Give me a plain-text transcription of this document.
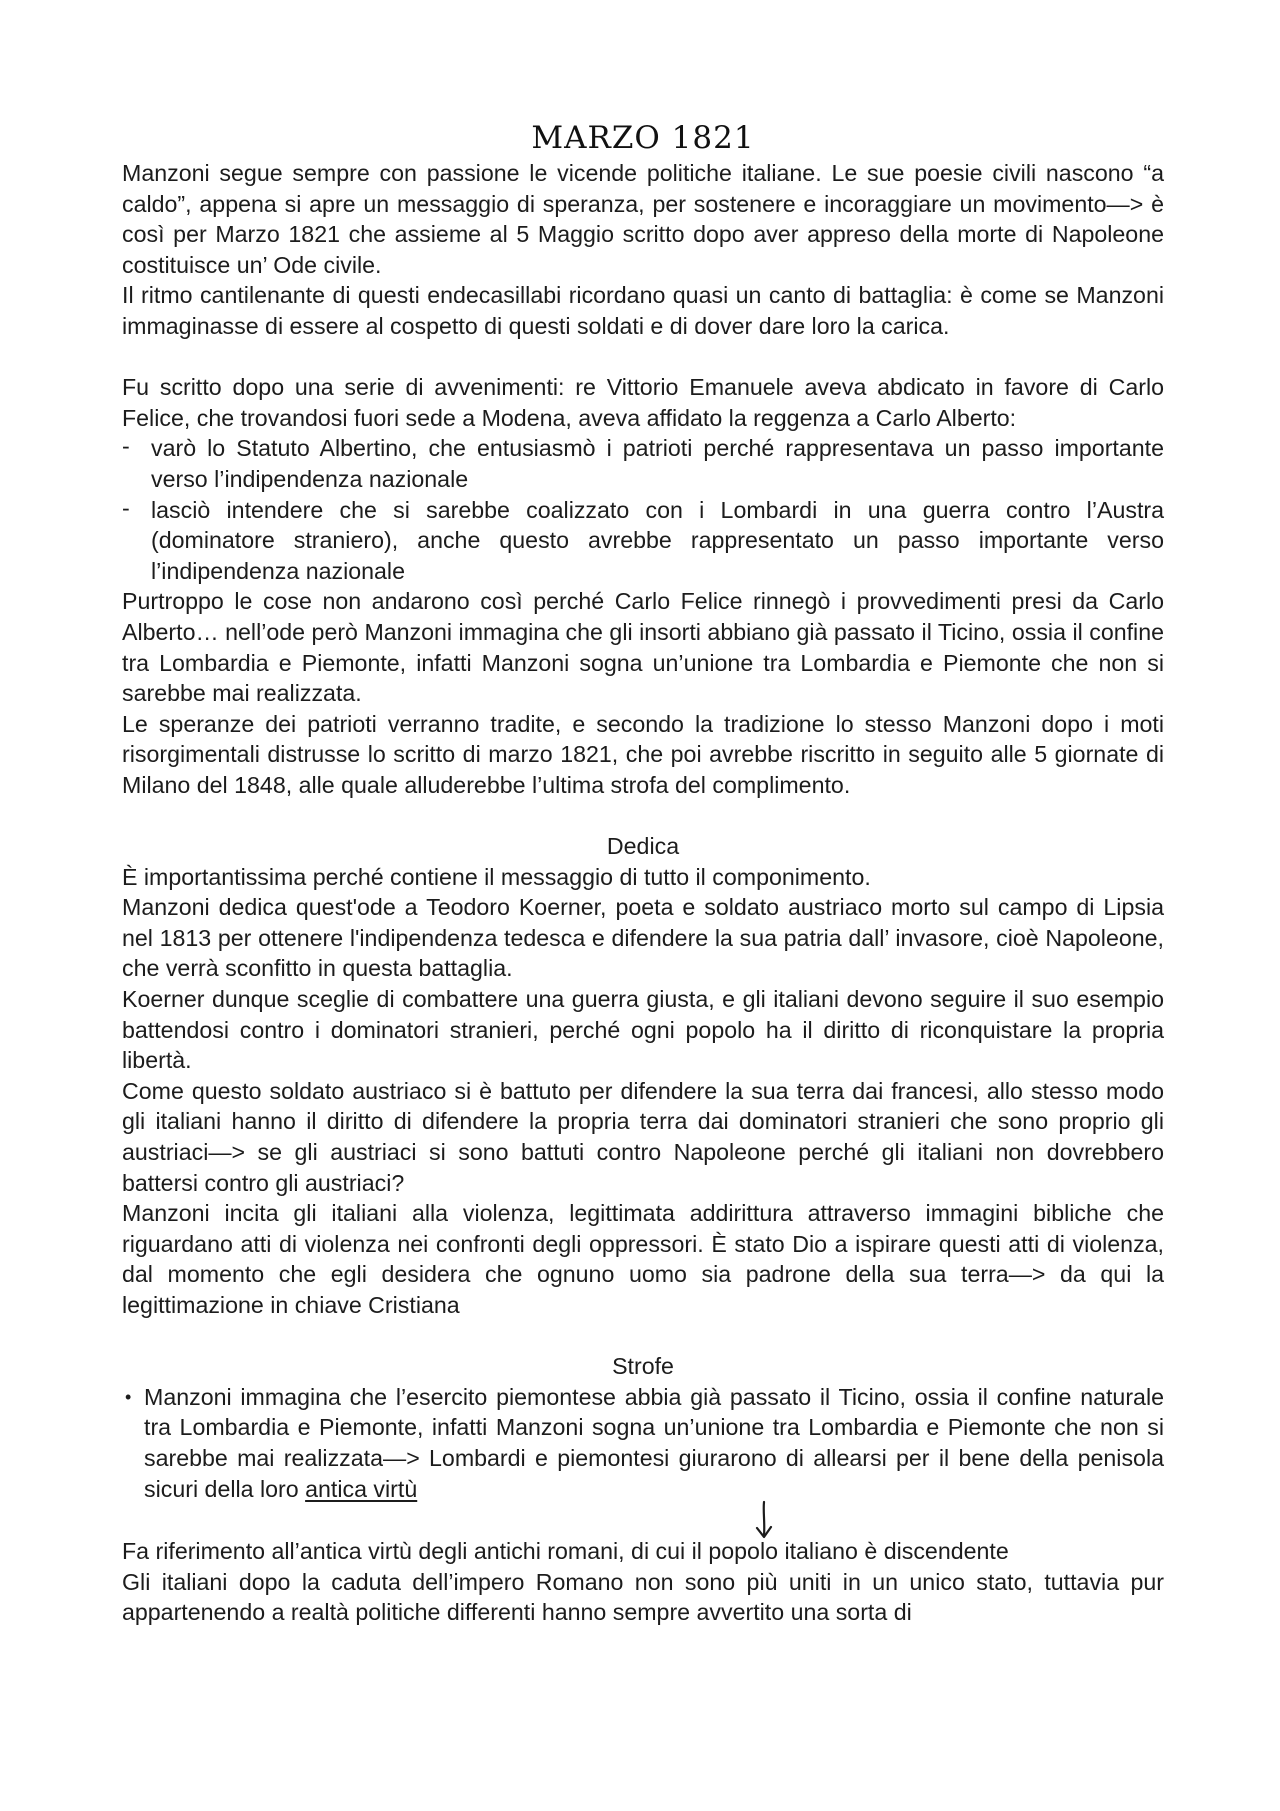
MARZO 1821

Manzoni segue sempre con passione le vicende politiche italiane. Le sue poesie civili nascono “a caldo”, appena si apre un messaggio di speranza, per sostenere e incoraggiare un movimento—> è così per Marzo 1821 che assieme al 5 Maggio scritto dopo aver appreso della morte di Napoleone costituisce un’ Ode civile.

Il ritmo cantilenante di questi endecasillabi ricordano quasi un canto di battaglia: è come se Manzoni immaginasse di essere al cospetto di questi soldati e di dover dare loro la carica.

Fu scritto dopo una serie di avvenimenti: re Vittorio Emanuele aveva abdicato in favore di Carlo Felice, che trovandosi fuori sede a Modena, aveva affidato la reggenza a Carlo Alberto:

- varò lo Statuto Albertino, che entusiasmò i patrioti perché rappresentava un passo importante verso l’indipendenza nazionale
- lasciò intendere che si sarebbe coalizzato con i Lombardi in una guerra contro l’Austra (dominatore straniero), anche questo avrebbe rappresentato un passo importante verso l’indipendenza nazionale

Purtroppo le cose non andarono così perché Carlo Felice rinnegò i provvedimenti presi da Carlo Alberto… nell’ode però Manzoni immagina che gli insorti abbiano già passato il Ticino, ossia il confine tra Lombardia e Piemonte, infatti Manzoni sogna un’unione tra Lombardia e Piemonte che non si sarebbe mai realizzata.

Le speranze dei patrioti verranno tradite, e secondo la tradizione lo stesso Manzoni dopo i moti risorgimentali distrusse lo scritto di marzo 1821, che poi avrebbe riscritto in seguito alle 5 giornate di Milano del 1848, alle quale alluderebbe l’ultima strofa del complimento.

Dedica

È importantissima perché contiene il messaggio di tutto il componimento.

Manzoni dedica quest'ode a Teodoro Koerner, poeta e soldato austriaco morto sul campo di Lipsia nel 1813 per ottenere l'indipendenza tedesca e difendere la sua patria dall’ invasore, cioè Napoleone, che verrà sconfitto in questa battaglia.

Koerner dunque sceglie di combattere una guerra giusta, e gli italiani devono seguire il suo esempio battendosi contro i dominatori stranieri, perché ogni popolo ha il diritto di riconquistare la propria libertà.

Come questo soldato austriaco si è battuto per difendere la sua terra dai francesi, allo stesso modo gli italiani hanno il diritto di difendere la propria terra dai dominatori stranieri che sono proprio gli austriaci—> se gli austriaci si sono battuti contro Napoleone perché gli italiani non dovrebbero battersi contro gli austriaci?

Manzoni incita gli italiani alla violenza, legittimata addirittura attraverso immagini bibliche che riguardano atti di violenza nei confronti degli oppressori. È stato Dio a ispirare questi atti di violenza, dal momento che egli desidera che ognuno uomo sia padrone della sua terra—> da qui la legittimazione in chiave Cristiana

Strofe

• Manzoni immagina che l’esercito piemontese abbia già passato il Ticino, ossia il confine naturale tra Lombardia e Piemonte, infatti Manzoni sogna un’unione tra Lombardia e Piemonte che non si sarebbe mai realizzata—> Lombardi e piemontesi giurarono di allearsi per il bene della penisola sicuri della loro antica virtù

Fa riferimento all’antica virtù degli antichi romani, di cui il popolo italiano è discendente

Gli italiani dopo la caduta dell’impero Romano non sono più uniti in un unico stato, tuttavia pur appartenendo a realtà politiche differenti hanno sempre avvertito una sorta di
